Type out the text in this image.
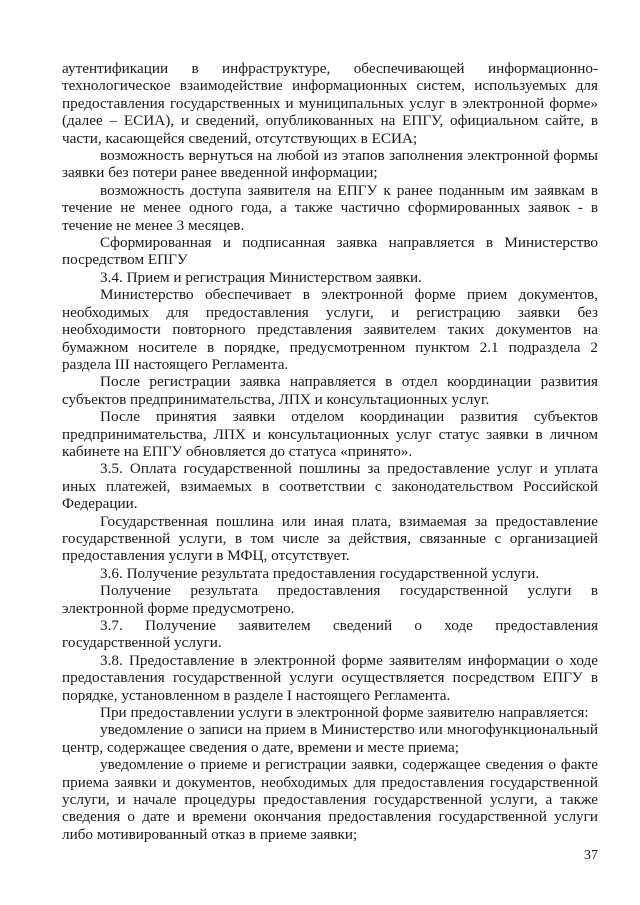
аутентификации в инфраструктуре, обеспечивающей информационно-технологическое взаимодействие информационных систем, используемых для предоставления государственных и муниципальных услуг в электронной форме» (далее – ЕСИА), и сведений, опубликованных на ЕПГУ, официальном сайте, в части, касающейся сведений, отсутствующих в ЕСИА;

возможность вернуться на любой из этапов заполнения электронной формы заявки без потери ранее введенной информации;

возможность доступа заявителя на ЕПГУ к ранее поданным им заявкам в течение не менее одного года, а также частично сформированных заявок - в течение не менее 3 месяцев.

Сформированная и подписанная заявка направляется в Министерство посредством ЕПГУ

3.4. Прием и регистрация Министерством заявки.

Министерство обеспечивает в электронной форме прием документов, необходимых для предоставления услуги, и регистрацию заявки без необходимости повторного представления заявителем таких документов на бумажном носителе в порядке, предусмотренном пунктом 2.1 подраздела 2 раздела III настоящего Регламента.

После регистрации заявка направляется в отдел координации развития субъектов предпринимательства, ЛПХ и консультационных услуг.

После принятия заявки отделом координации развития субъектов предпринимательства, ЛПХ и консультационных услуг статус заявки в личном кабинете на ЕПГУ обновляется до статуса «принято».

3.5. Оплата государственной пошлины за предоставление услуг и уплата иных платежей, взимаемых в соответствии с законодательством Российской Федерации.

Государственная пошлина или иная плата, взимаемая за предоставление государственной услуги, в том числе за действия, связанные с организацией предоставления услуги в МФЦ, отсутствует.

3.6. Получение результата предоставления государственной услуги.

Получение результата предоставления государственной услуги в электронной форме предусмотрено.

3.7. Получение заявителем сведений о ходе предоставления государственной услуги.

3.8. Предоставление в электронной форме заявителям информации о ходе предоставления государственной услуги осуществляется посредством ЕПГУ в порядке, установленном в разделе I настоящего Регламента.

При предоставлении услуги в электронной форме заявителю направляется:

уведомление о записи на прием в Министерство или многофункциональный центр, содержащее сведения о дате, времени и месте приема;

уведомление о приеме и регистрации заявки, содержащее сведения о факте приема заявки и документов, необходимых для предоставления государственной услуги, и начале процедуры предоставления государственной услуги, а также сведения о дате и времени окончания предоставления государственной услуги либо мотивированный отказ в приеме заявки;

37
